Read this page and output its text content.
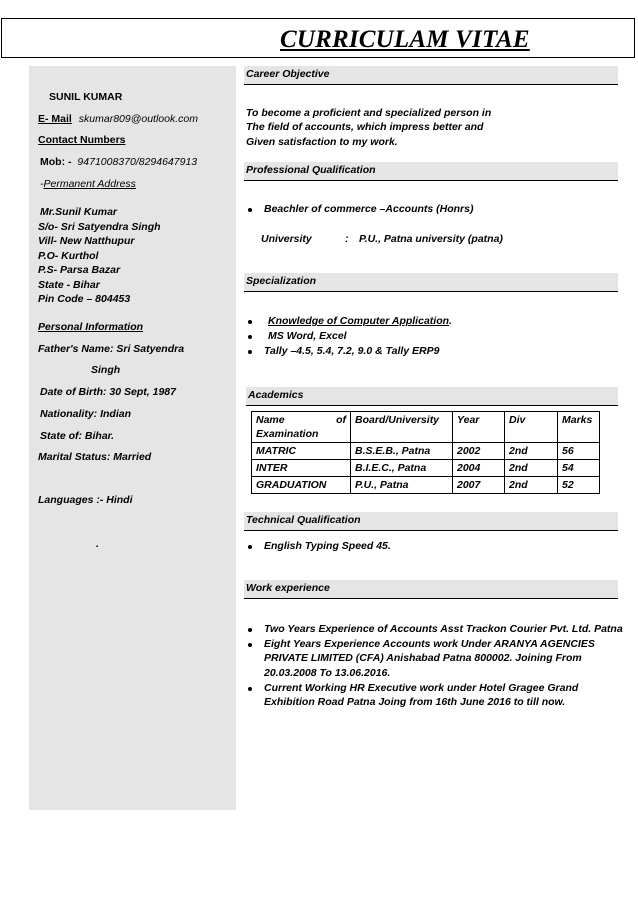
CURRICULAM VITAE
SUNIL KUMAR
E- Mail skumar809@outlook.com
Contact Numbers
Mob: - 9471008370/8294647913
-Permanent Address
Mr.Sunil Kumar
S/o- Sri Satyendra Singh
Vill- New Natthupur
P.O- Kurthol
P.S- Parsa Bazar
State - Bihar
Pin Code – 804453
Personal Information
Father's Name: Sri Satyendra
Singh
Date of Birth: 30 Sept, 1987
Nationality: Indian
State of: Bihar.
Marital Status: Married
Languages :- Hindi
.
Career Objective
To become a proficient and specialized person in
The field of accounts, which impress better and
Given satisfaction to my work.
Professional Qualification
Beachler of commerce –Accounts (Honrs)
University	: P.U., Patna university (patna)
Specialization
Knowledge of Computer Application.
MS Word, Excel
Tally –4.5, 5.4, 7.2, 9.0 & Tally ERP9
Academics
Name of
Examination	Board/University	Year	Div	Marks
MATRIC	B.S.E.B., Patna	2002	2nd	56
INTER	B.I.E.C., Patna	2004	2nd	54
GRADUATION	P.U., Patna	2007	2nd	52
Technical Qualification
English Typing Speed 45.
Work experience
Two Years Experience of Accounts Asst Trackon Courier Pvt. Ltd. Patna
Eight Years Experience Accounts work Under ARANYA AGENCIES
PRIVATE LIMITED (CFA) Anishabad Patna 800002. Joining From
20.03.2008 To 13.06.2016.
Current Working HR Executive work under Hotel Gragee Grand
Exhibition Road Patna Joing from 16th June 2016 to till now.
